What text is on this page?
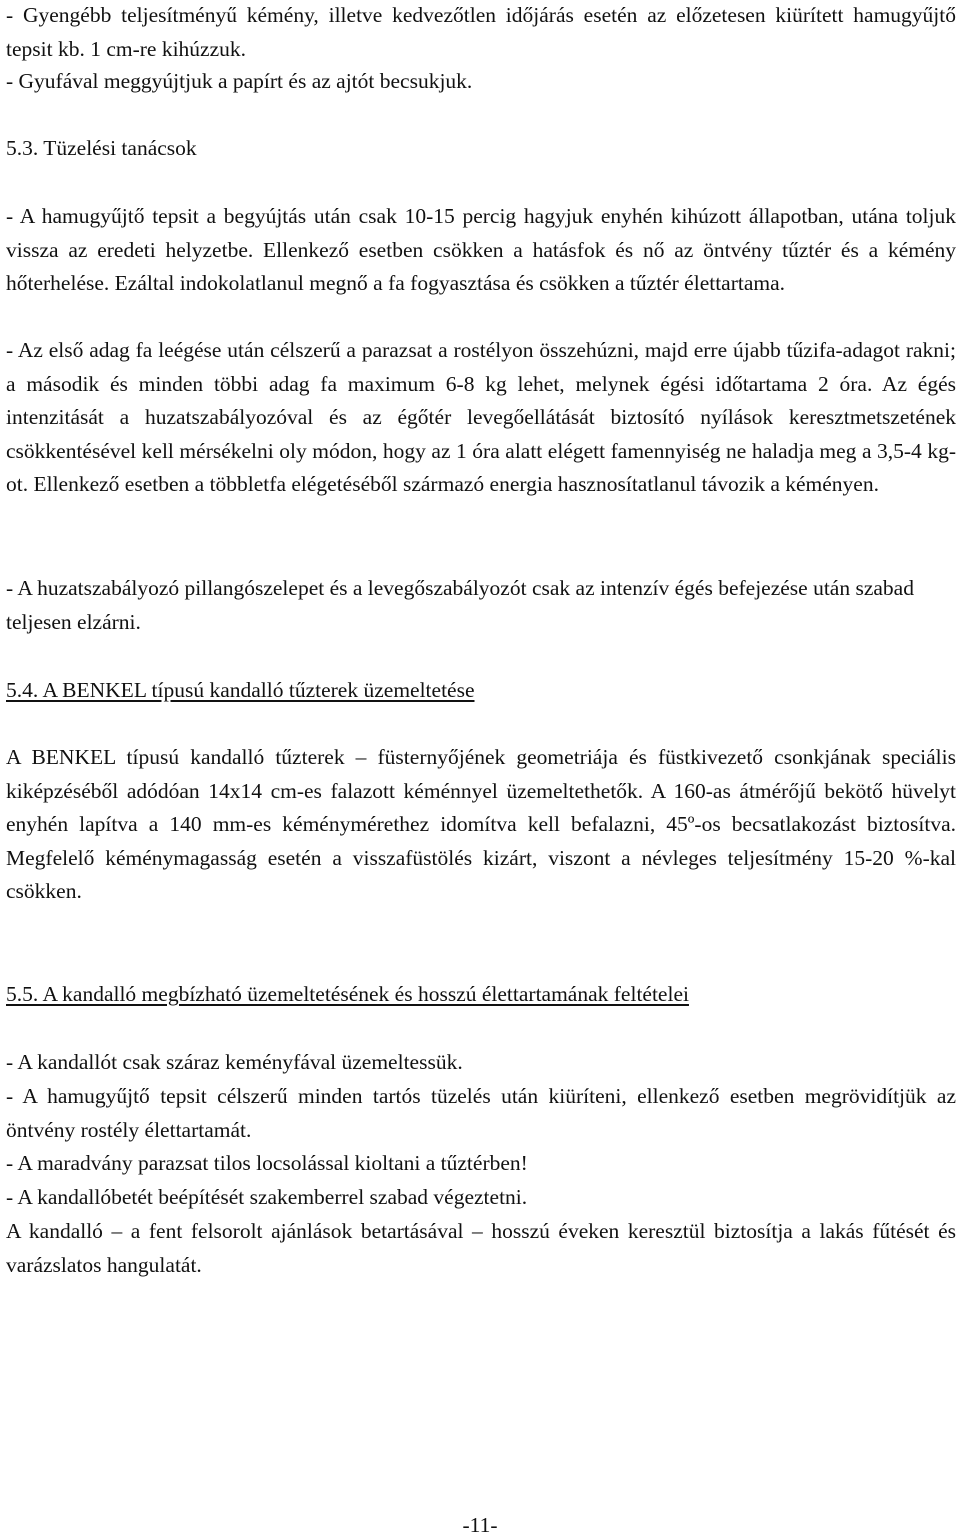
- Gyengébb teljesítményű kémény, illetve kedvezőtlen időjárás esetén az előzetesen kiürített hamugyűjtő tepsit kb. 1 cm-re kihúzzuk.

- Gyufával meggyújtjuk a papírt és az ajtót becsukjuk.

5.3. Tüzelési tanácsok

- A hamugyűjtő tepsit a begyújtás után csak 10-15 percig hagyjuk enyhén kihúzott állapotban, utána toljuk vissza az eredeti helyzetbe. Ellenkező esetben csökken a hatásfok és nő az öntvény tűztér és a kémény hőterhelése. Ezáltal indokolatlanul megnő a fa fogyasztása és csökken a tűztér élettartama.

- Az első adag fa leégése után célszerű a parazsat a rostélyon összehúzni, majd erre újabb tűzifa-adagot rakni; a második és minden többi adag fa maximum 6-8 kg lehet, melynek égési időtartama 2 óra. Az égés intenzitását a huzatszabályozóval és az égőtér levegőellátását biztosító nyílások keresztmetszetének csökkentésével kell mérsékelni oly módon, hogy az 1 óra alatt elégett famennyiség ne haladja meg a 3,5-4 kg-ot. Ellenkező esetben a többletfa elégetéséből származó energia hasznosítatlanul távozik a kéményen.

- A huzatszabályozó pillangószelepet és a levegőszabályozót csak az intenzív égés befejezése után szabad teljesen elzárni.

5.4. A BENKEL típusú kandalló tűzterek üzemeltetése

A BENKEL típusú kandalló tűzterek – füsternyőjének geometriája és füstkivezető csonkjának speciális kiképzéséből adódóan 14x14 cm-es falazott kéménnyel üzemeltethetők. A 160-as átmérőjű bekötő hüvelyt enyhén lapítva a 140 mm-es kéménymérethez idomítva kell befalazni, 45º-os becsatlakozást biztosítva. Megfelelő kéménymagasság esetén a visszafüstölés kizárt, viszont a névleges teljesítmény 15-20 %-kal csökken.

5.5. A kandalló megbízható üzemeltetésének és hosszú élettartamának feltételei

- A kandallót csak száraz keményfával üzemeltessük.

- A hamugyűjtő tepsit célszerű minden tartós tüzelés után kiüríteni, ellenkező esetben megrövidítjük az öntvény rostély élettartamát.

- A maradvány parazsat tilos locsolással kioltani a tűztérben!

- A kandallóbetét beépítését szakemberrel szabad végeztetni.

A kandalló – a fent felsorolt ajánlások betartásával – hosszú éveken keresztül biztosítja a lakás fűtését és varázslatos hangulatát.

-11-
